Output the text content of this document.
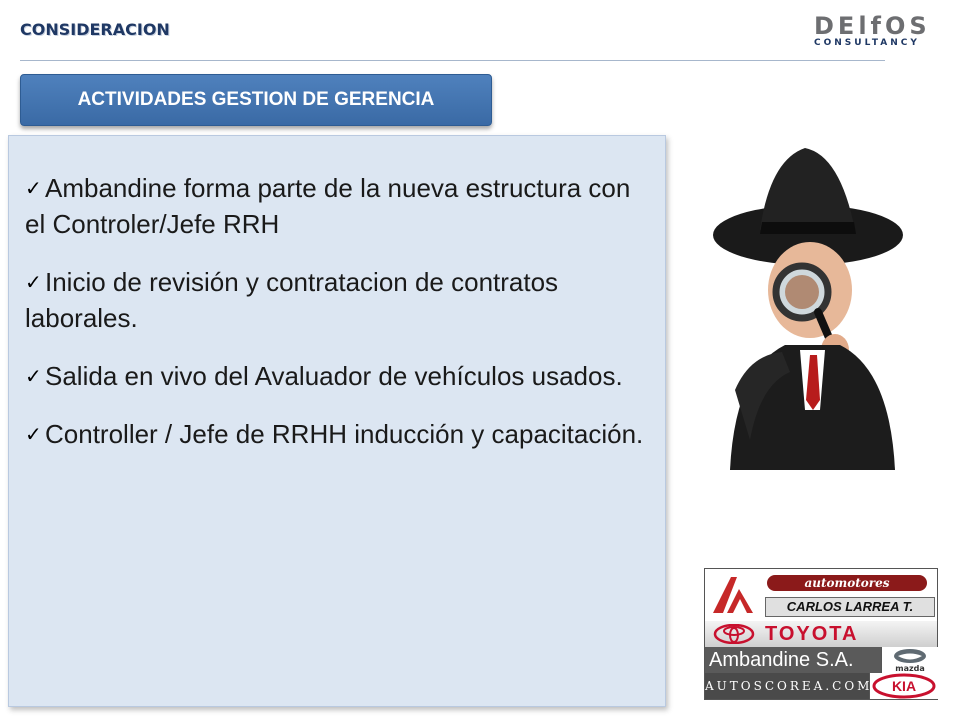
CONSIDERACION	DElfOS
CONSULTANCY
ACTIVIDADES GESTION DE GERENCIA
✓ Ambandine forma parte de la nueva estructura con el Controler/Jefe RRH
✓ Inicio de revisión y contratacion de contratos laborales.
✓ Salida en vivo del Avaluador de vehículos usados.
✓ Controller / Jefe de RRHH inducción y capacitación.
automotores
CARLOS LARREA T.
TOYOTA
Ambandine S.A.	mazda
AUTOSCOREA.COM KIA
